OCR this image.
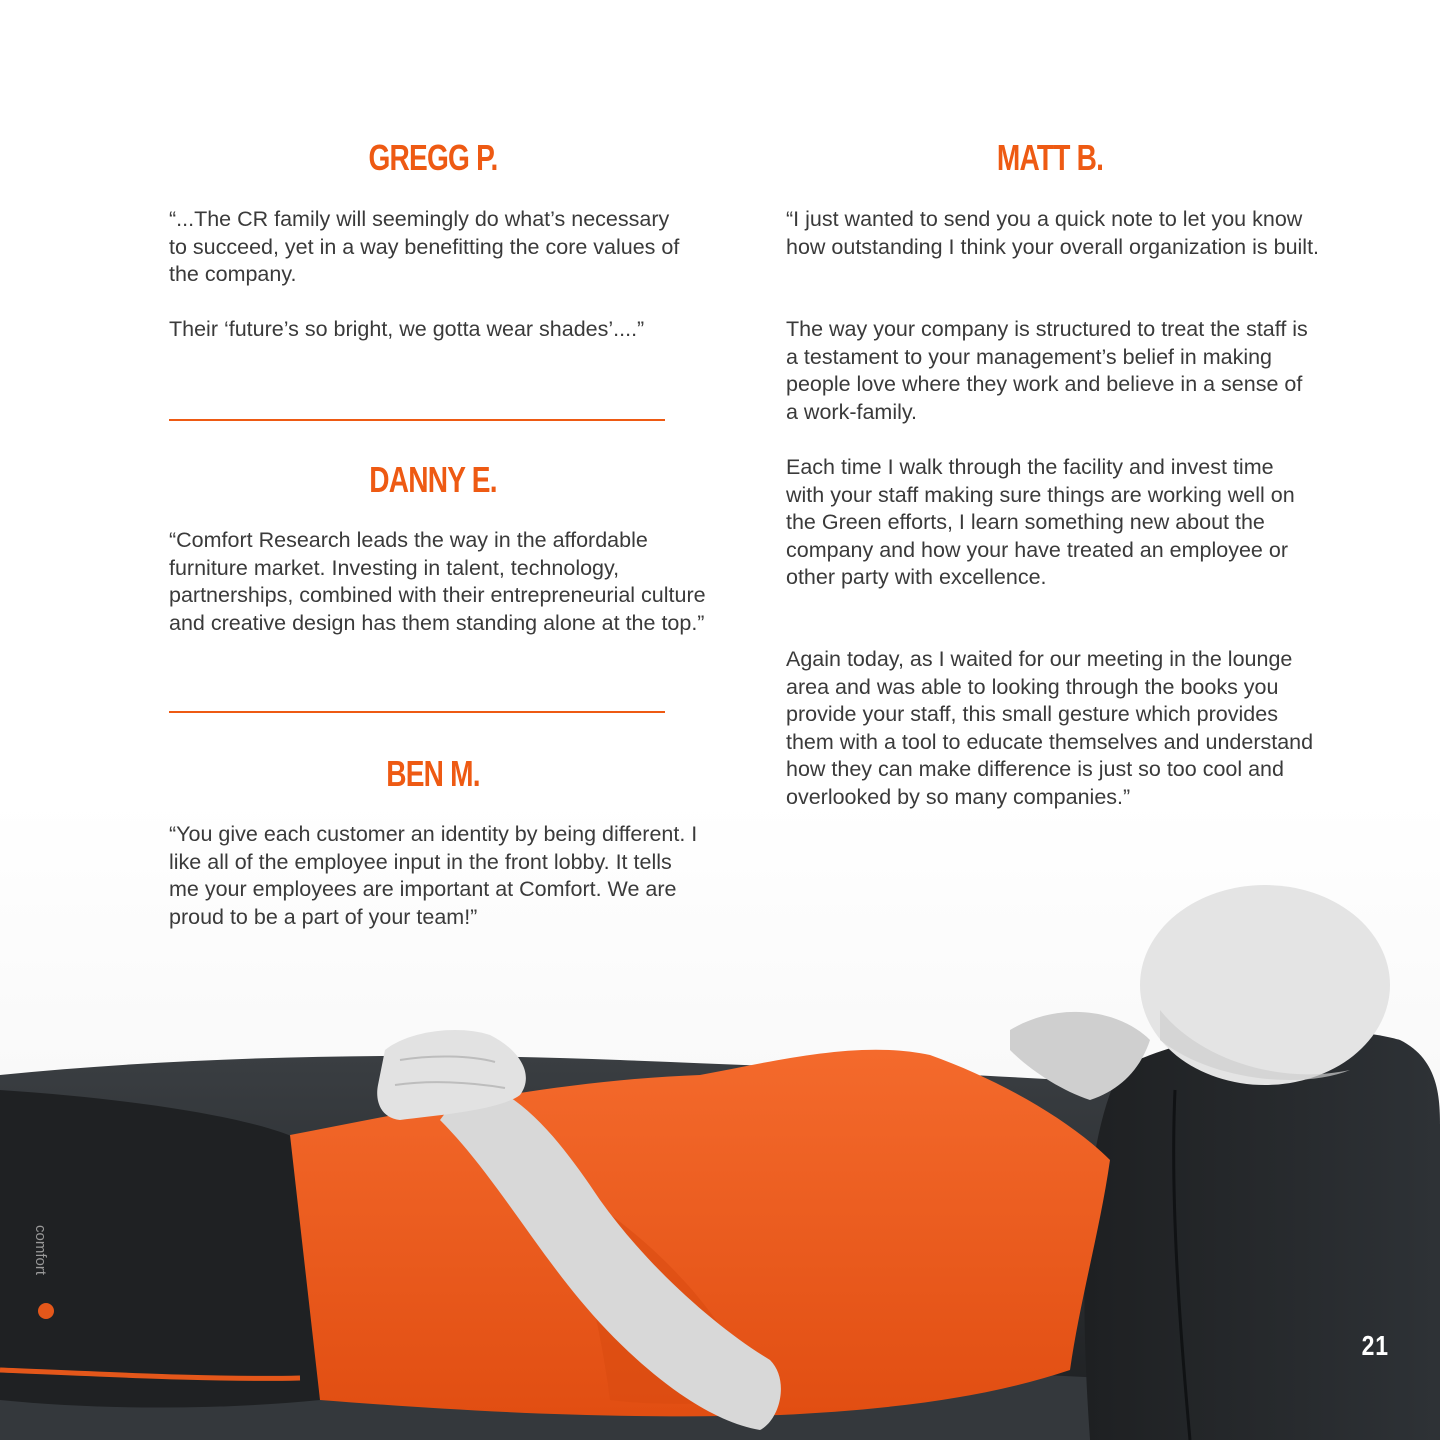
comfort
GREGG P.

“...The CR family will seemingly do what’s necessary to succeed, yet in a way benefitting the core values of the company.

Their ‘future’s so bright, we gotta wear shades’....”

DANNY E.

“Comfort Research leads the way in the affordable furniture market. Investing in talent, technology, partnerships, combined with their entrepreneurial culture and creative design has them standing alone at the top.”

BEN M.

“You give each customer an identity by being different. I like all of the employee input in the front lobby. It tells me your employees are important at Comfort. We are proud to be a part of your team!”

MATT B.

“I just wanted to send you a quick note to let you know how outstanding I think your overall organization is built.

The way your company is structured to treat the staff is a testament to your management’s belief in making people love where they work and believe in a sense of a work-family.

Each time I walk through the facility and invest time with your staff making sure things are working well on the Green efforts, I learn something new about the company and how your have treated an employee or other party with excellence.

Again today, as I waited for our meeting in the lounge area and was able to looking through the books you provide your staff, this small gesture which provides them with a tool to educate themselves and understand how they can make difference is just so too cool and overlooked by so many companies.”

21
